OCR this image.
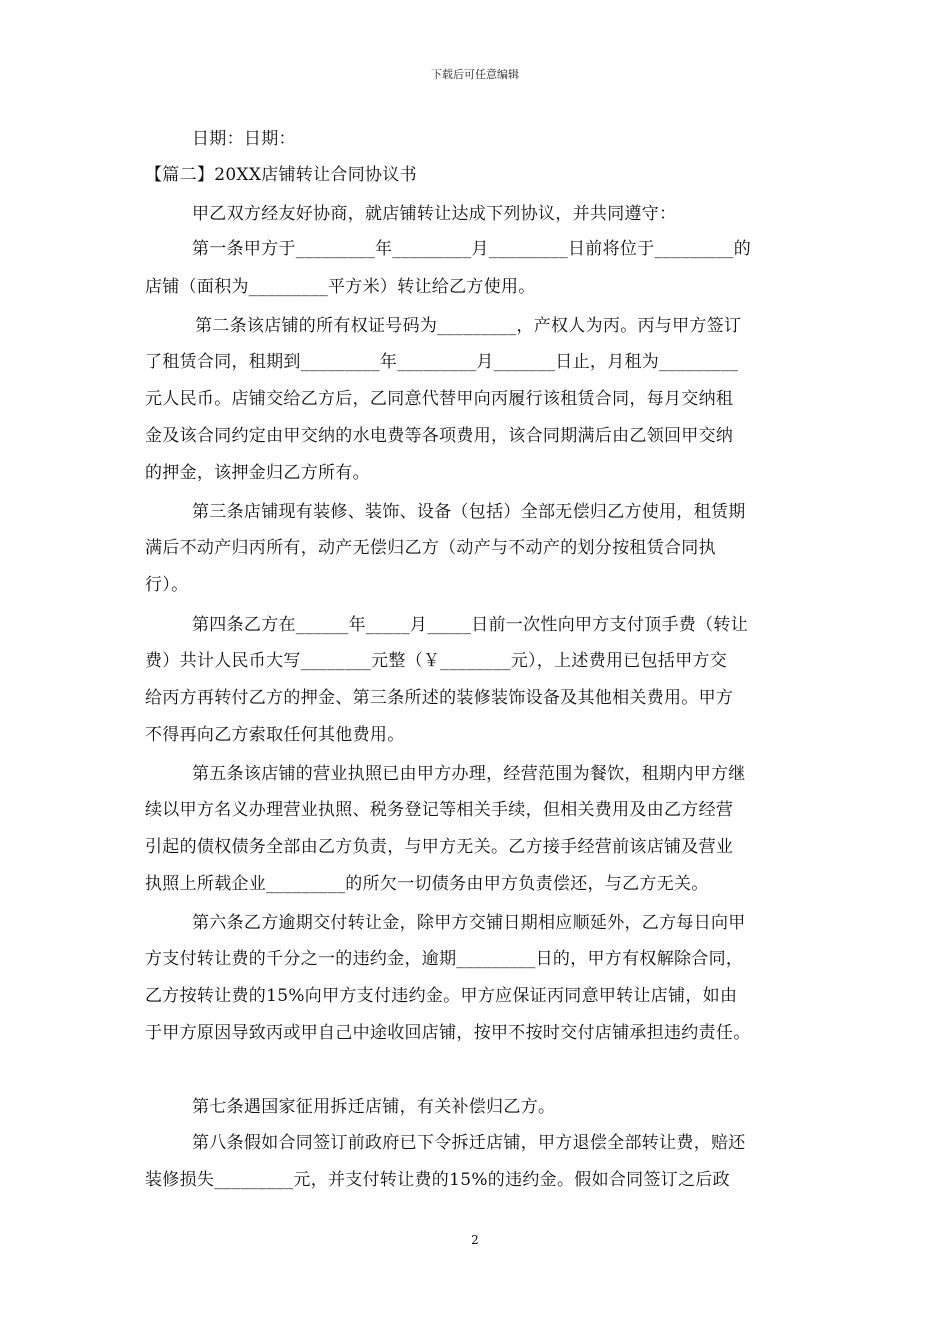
下载后可任意编辑
日期：日期：
【篇二】20XX店铺转让合同协议书
甲乙双方经友好协商，就店铺转让达成下列协议，并共同遵守：
第一条甲方于_________年_________月_________日前将位于_________的
店铺（面积为_________平方米）转让给乙方使用。
第二条该店铺的所有权证号码为_________，产权人为丙。丙与甲方签订
了租赁合同，租期到_________年_________月_______日止，月租为_________
元人民币。店铺交给乙方后，乙同意代替甲向丙履行该租赁合同，每月交纳租
金及该合同约定由甲交纳的水电费等各项费用，该合同期满后由乙领回甲交纳
的押金，该押金归乙方所有。
第三条店铺现有装修、装饰、设备（包括）全部无偿归乙方使用，租赁期
满后不动产归丙所有，动产无偿归乙方（动产与不动产的划分按租赁合同执
行）。
第四条乙方在______年_____月_____日前一次性向甲方支付顶手费（转让
费）共计人民币大写________元整（￥________元），上述费用已包括甲方交
给丙方再转付乙方的押金、第三条所述的装修装饰设备及其他相关费用。甲方
不得再向乙方索取任何其他费用。
第五条该店铺的营业执照已由甲方办理，经营范围为餐饮，租期内甲方继
续以甲方名义办理营业执照、税务登记等相关手续，但相关费用及由乙方经营
引起的债权债务全部由乙方负责，与甲方无关。乙方接手经营前该店铺及营业
执照上所载企业_________的所欠一切债务由甲方负责偿还，与乙方无关。
第六条乙方逾期交付转让金，除甲方交铺日期相应顺延外，乙方每日向甲
方支付转让费的千分之一的违约金，逾期_________日的，甲方有权解除合同，
乙方按转让费的15%向甲方支付违约金。甲方应保证丙同意甲转让店铺，如由
于甲方原因导致丙或甲自己中途收回店铺，按甲不按时交付店铺承担违约责任。
第七条遇国家征用拆迁店铺，有关补偿归乙方。
第八条假如合同签订前政府已下令拆迁店铺，甲方退偿全部转让费，赔还
装修损失_________元，并支付转让费的15%的违约金。假如合同签订之后政
2
